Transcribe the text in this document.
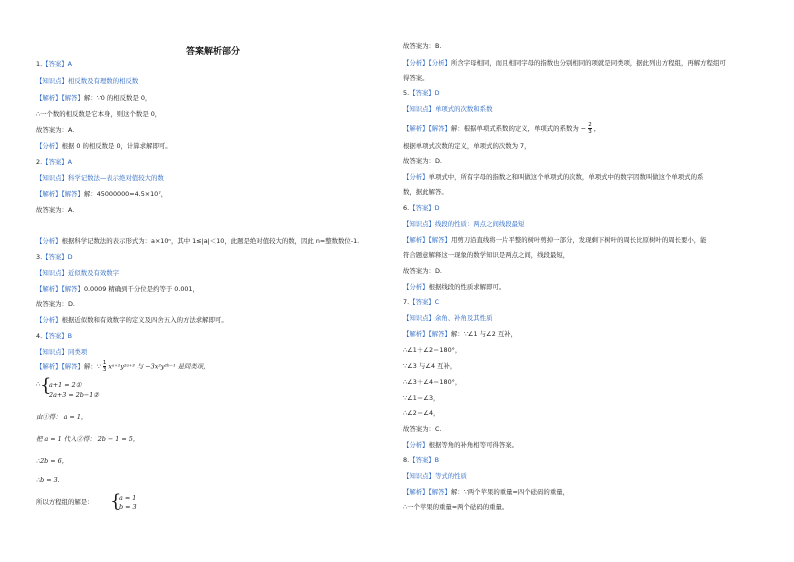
答案解析部分
1.【答案】A
【知识点】相反数及有理数的相反数
【解析】【解答】解：∵0 的相反数是 0，
∴一个数的相反数是它本身，则这个数是 0，
故答案为：A.
【分析】根据 0 的相反数是 0，计算求解即可。
2.【答案】A
【知识点】科学记数法—表示绝对值较大的数
【解析】【解答】解：45000000=4.5×10⁷，
故答案为：A.
【分析】根据科学记数法的表示形式为：a×10ⁿ，其中 1≤|a|＜10，此题是绝对值较大的数，因此 n=整数数位-1.
3.【答案】D
【知识点】近似数及有效数字
【解析】【解答】0.0009 精确到千分位是约等于 0.001，
故答案为：D.
【分析】根据近似数和有效数字的定义及四舍五入的方法求解即可。
4.【答案】B
【知识点】同类项
【解析】【解答】解：∵ $\frac{1}{3}$ xᵃ⁺¹y²ᵃ⁺³ 与 −3x²y²ᵇ⁻¹ 是同类项，
∴ {
a+1 = 2①
2a+3 = 2b−1②
由①得： a = 1，
把 a = 1 代入②得： 2b − 1 = 5，
∴2b = 6，
∴b = 3.
所以方程组的解是： {
a = 1
b = 3
故答案为：B.
【分析】【分析】所含字母相同，而且相同字母的指数也分别相同的项就是同类项，据此列出方程组，再解方程组可
得答案。
5.【答案】D
【知识点】单项式的次数和系数
【解析】【解答】解：根据单项式系数的定义，单项式的系数为 − $\frac{2}{3}$ ，
根据单项式次数的定义，单项式的次数为 7，
故答案为：D.
【分析】单项式中，所有字母的指数之和叫做这个单项式的次数，单项式中的数字因数叫做这个单项式的系
数，据此解答。
6.【答案】D
【知识点】线段的性质：两点之间线段最短
【解析】【解答】用剪刀沿直线将一片平整的树叶剪掉一部分，发现剩下树叶的周长比原树叶的周长要小，能
符合题意解释这一现象的数学知识是两点之间，线段最短，
故答案为：D.
【分析】根据线段的性质求解即可。
7.【答案】C
【知识点】余角、补角及其性质
【解析】【解答】解：∵∠1 与∠2 互补，
∴∠1＋∠2＝180°，
∵∠3 与∠4 互补，
∴∠3＋∠4＝180°，
∵∠1＝∠3，
∴∠2＝∠4，
故答案为：C.
【分析】根据等角的补角相等可得答案。
8.【答案】B
【知识点】等式的性质
【解析】【解答】解：∵两个苹果的重量=四个砝码的重量，
∴一个苹果的重量=两个砝码的重量。
